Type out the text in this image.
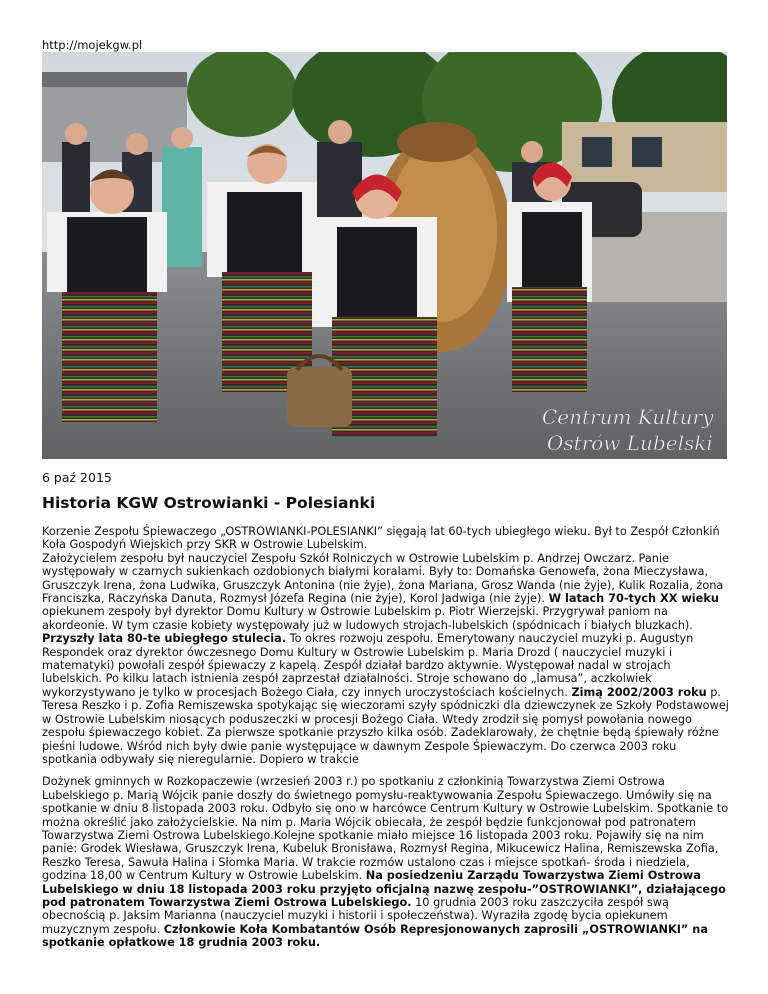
http://mojekgw.pl
Centrum Kultury
Ostrów Lubelski
6 paź 2015
Historia KGW Ostrowianki - Polesianki

Korzenie Zespołu Śpiewaczego „OSTROWIANKI-POLESIANKI” sięgają lat 60-tych ubiegłego wieku. Był to Zespół Członkiń Koła Gospodyń Wiejskich przy SKR w Ostrowie Lubelskim.
Założycielem zespołu był nauczyciel Zespołu Szkół Rolniczych w Ostrowie Lubelskim p. Andrzej Owczarz. Panie występowały w czarnych sukienkach ozdobionych białymi koralami. Były to: Domańska Genowefa, żona Mieczysława, Gruszczyk Irena, żona Ludwika, Gruszczyk Antonina (nie żyje), żona Mariana, Grosz Wanda (nie żyje), Kulik Rozalia, żona Franciszka, Raczyńska Danuta, Rozmysł Józefa Regina (nie żyje), Korol Jadwiga (nie żyje). W latach 70-tych XX wieku opiekunem zespoły był dyrektor Domu Kultury w Ostrowie Lubelskim p. Piotr Wierzejski. Przygrywał paniom na akordeonie. W tym czasie kobiety występowały już w ludowych strojach-lubelskich (spódnicach i białych bluzkach). Przyszły lata 80-te ubiegłego stulecia. To okres rozwoju zespołu. Emerytowany nauczyciel muzyki p. Augustyn Respondek oraz dyrektor ówczesnego Domu Kultury w Ostrowie Lubelskim p. Maria Drozd ( nauczyciel muzyki i matematyki) powołali zespół śpiewaczy z kapelą. Zespół działał bardzo aktywnie. Występował nadal w strojach lubelskich. Po kilku latach istnienia zespół zaprzestał działalności. Stroje schowano do „lamusa”, aczkolwiek wykorzystywano je tylko w procesjach Bożego Ciała, czy innych uroczystościach kościelnych. Zimą 2002/2003 roku p. Teresa Reszko i p. Zofia Remiszewska spotykając się wieczorami szyły spódniczki dla dziewczynek ze Szkoły Podstawowej w Ostrowie Lubelskim niosących poduszeczki w procesji Bożego Ciała. Wtedy zrodził się pomysł powołania nowego zespołu śpiewaczego kobiet. Za pierwsze spotkanie przyszło kilka osób. Zadeklarowały, że chętnie będą śpiewały różne pieśni ludowe. Wśród nich były dwie panie występujące w dawnym Zespole Śpiewaczym. Do czerwca 2003 roku spotkania odbywały się nieregularnie. Dopiero w trakcie

Dożynek gminnych w Rozkopaczewie (wrzesień 2003 r.) po spotkaniu z członkinią Towarzystwa Ziemi Ostrowa Lubelskiego p. Marią Wójcik panie doszły do świetnego pomysłu-reaktywowania Zespołu Śpiewaczego. Umówiły się na spotkanie w dniu 8 listopada 2003 roku. Odbyło się ono w harcówce Centrum Kultury w Ostrowie Lubelskim. Spotkanie to można określić jako założycielskie. Na nim p. Maria Wójcik obiecała, że zespół będzie funkcjonował pod patronatem Towarzystwa Ziemi Ostrowa Lubelskiego.Kolejne spotkanie miało miejsce 16 listopada 2003 roku. Pojawiły się na nim panie: Grodek Wiesława, Gruszczyk Irena, Kubeluk Bronisława, Rozmysł Regina, Mikucewicz Halina, Remiszewska Zofia, Reszko Teresa, Sawuła Halina i Słomka Maria. W trakcie rozmów ustalono czas i miejsce spotkań- środa i niedziela, godzina 18,00 w Centrum Kultury w Ostrowie Lubelskim. Na posiedzeniu Zarządu Towarzystwa Ziemi Ostrowa Lubelskiego w dniu 18 listopada 2003 roku przyjęto oficjalną nazwę zespołu-”OSTROWIANKI”, działającego pod patronatem Towarzystwa Ziemi Ostrowa Lubelskiego. 10 grudnia 2003 roku zaszczyciła zespół swą obecnością p. Jaksim Marianna (nauczyciel muzyki i historii i społeczeństwa). Wyraziła zgodę bycia opiekunem muzycznym zespołu. Członkowie Koła Kombatantów Osób Represjonowanych zaprosili „OSTROWIANKI” na spotkanie opłatkowe 18 grudnia 2003 roku.
